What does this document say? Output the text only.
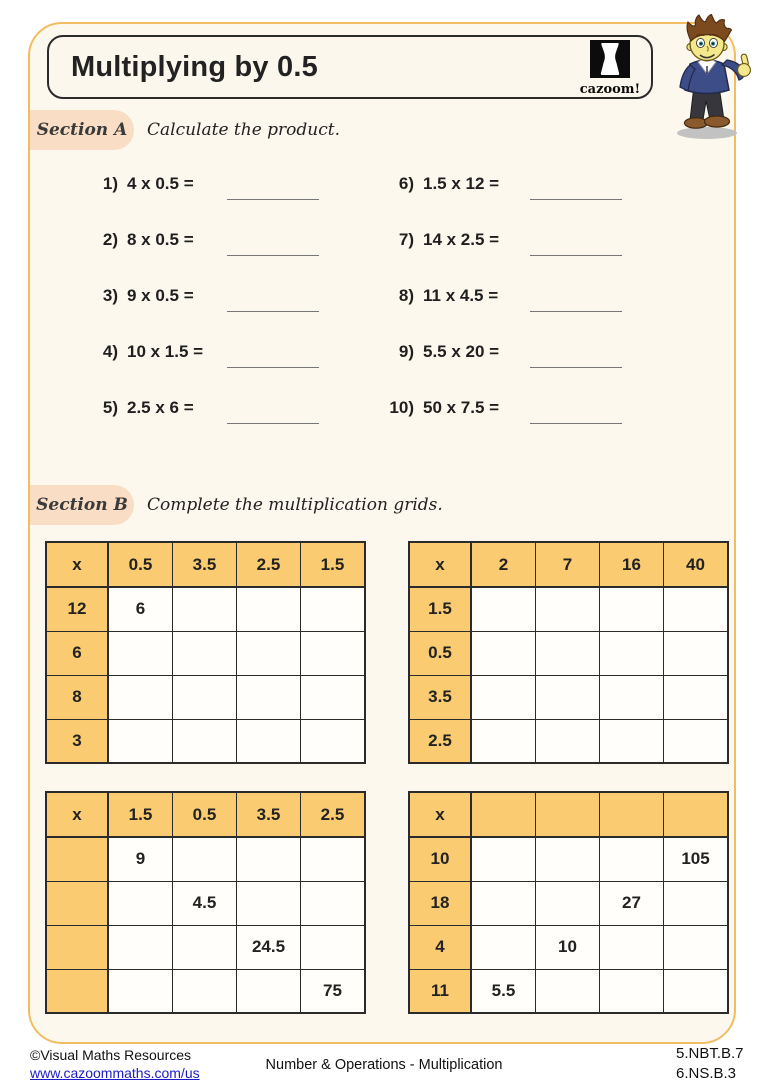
Multiplying by 0.5
cazoom!
Section A Calculate the product.
1) 4 x 0.5 =
2) 8 x 0.5 =
3) 9 x 0.5 =
4) 10 x 1.5 =
5) 2.5 x 6 =
6) 1.5 x 12 =
7) 14 x 2.5 =
8) 11 x 4.5 =
9) 5.5 x 20 =
10) 50 x 7.5 =
Section B Complete the multiplication grids.
x	0.5	3.5	2.5	1.5
12	6			
6				
8				
3				
x	2	7	16	40
1.5				
0.5				
3.5				
2.5				
x	1.5	0.5	3.5	2.5
	9			
		4.5		
			24.5	
				75
x				
10				105
18			27	
4		10		
11	5.5			
©Visual Maths Resources
www.cazoommaths.com/us	Number & Operations - Multiplication
5.NBT.B.7
6.NS.B.3
